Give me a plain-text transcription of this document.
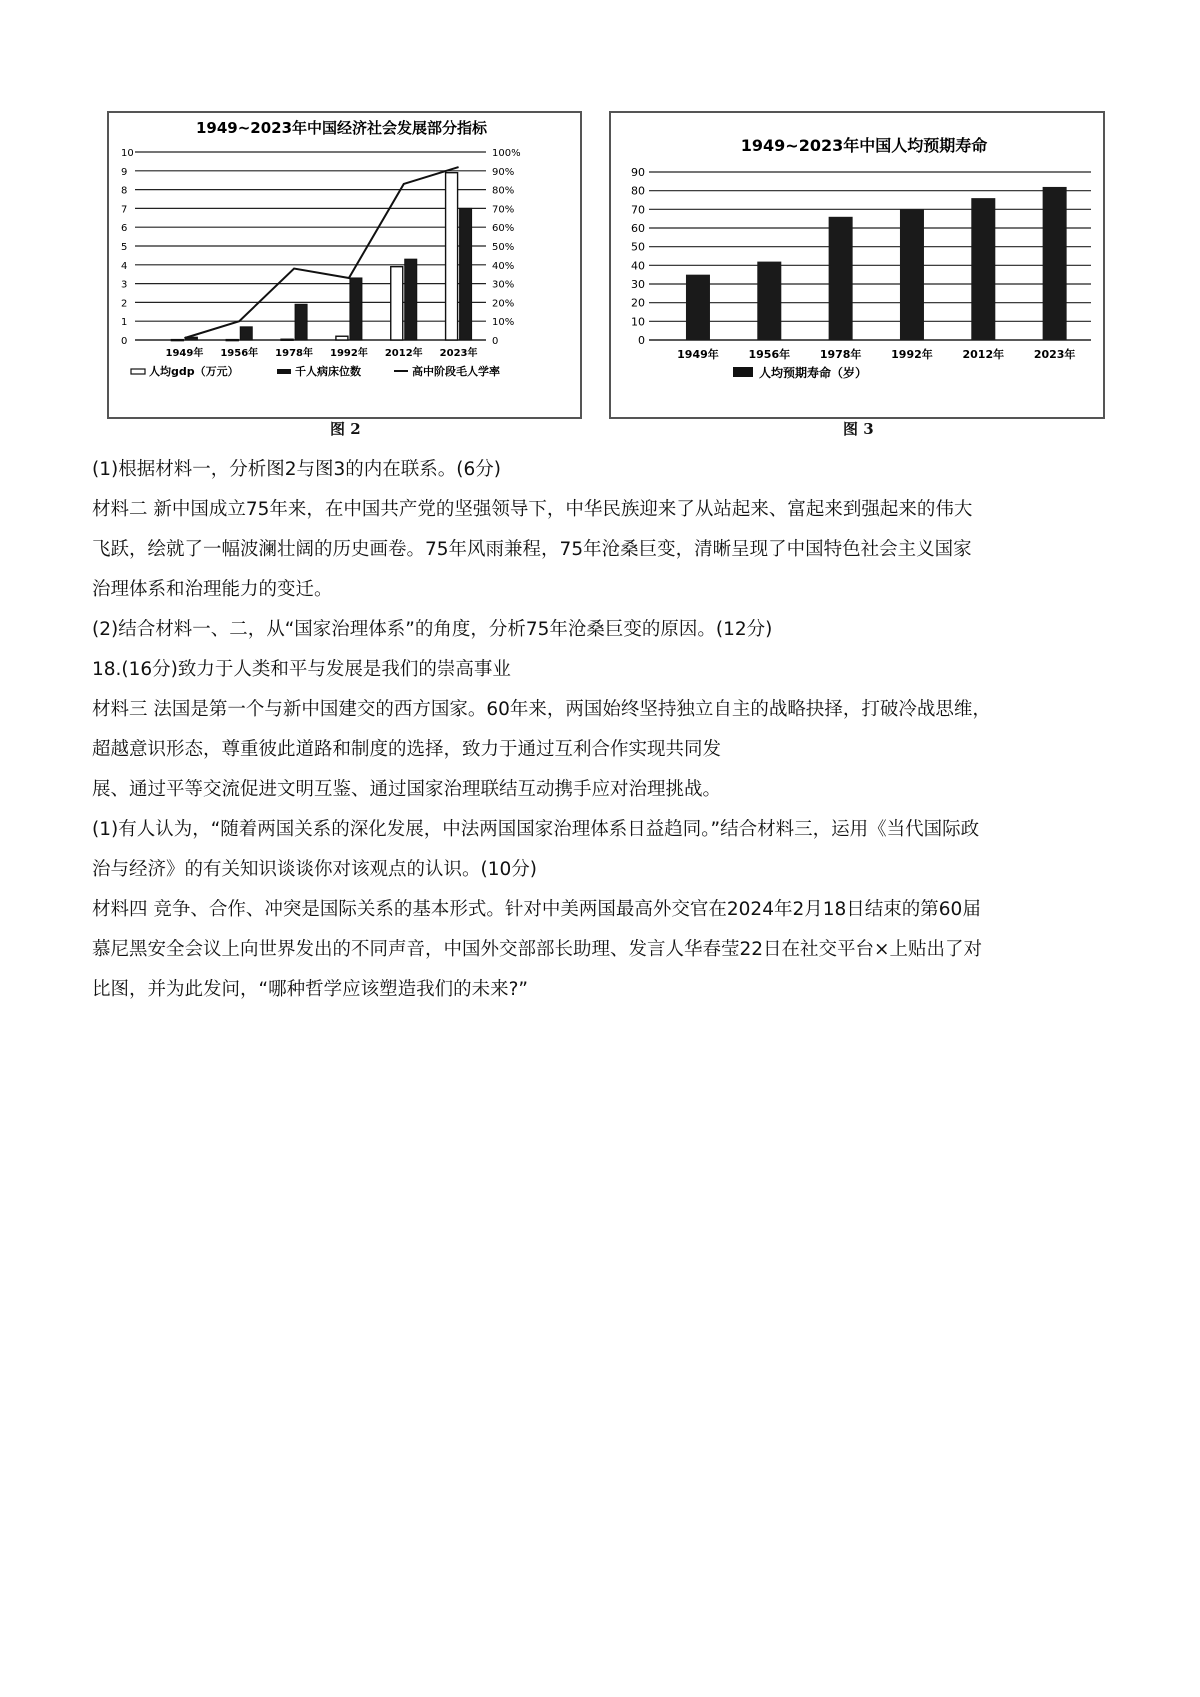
1949~2023年中国经济社会发展部分指标
0
1
2
3
4
5
6
7
8
9
10
0
10%
20%
30%
40%
50%
60%
70%
80%
90%
100%
1949年 1956年 1978年 1992年 2012年 2023年
人均gdp（万元）	千人病床位数	高中阶段毛人学率
图 2
1949~2023年中国人均预期寿命
0
10
20
30
40
50
60
70
80
90
1949年	1956年	1978年	1992年	2012年	2023年
人均预期寿命（岁）
图 3

(1)根据材料一，分析图2与图3的内在联系。(6分)

材料二 新中国成立75年来，在中国共产党的坚强领导下，中华民族迎来了从站起来、富起来到强起来的伟大

飞跃，绘就了一幅波澜壮阔的历史画卷。75年风雨兼程，75年沧桑巨变，清晰呈现了中国特色社会主义国家

治理体系和治理能力的变迁。

(2)结合材料一、二，从“国家治理体系”的角度，分析75年沧桑巨变的原因。(12分)

18.(16分)致力于人类和平与发展是我们的崇高事业

材料三 法国是第一个与新中国建交的西方国家。60年来，两国始终坚持独立自主的战略抉择，打破冷战思维，

超越意识形态，尊重彼此道路和制度的选择，致力于通过互利合作实现共同发

展、通过平等交流促进文明互鉴、通过国家治理联结互动携手应对治理挑战。

(1)有人认为，“随着两国关系的深化发展，中法两国国家治理体系日益趋同。”结合材料三，运用《当代国际政

治与经济》的有关知识谈谈你对该观点的认识。(10分)

材料四 竞争、合作、冲突是国际关系的基本形式。针对中美两国最高外交官在2024年2月18日结束的第60届

慕尼黑安全会议上向世界发出的不同声音，中国外交部部长助理、发言人华春莹22日在社交平台×上贴出了对

比图，并为此发问，“哪种哲学应该塑造我们的未来?”
